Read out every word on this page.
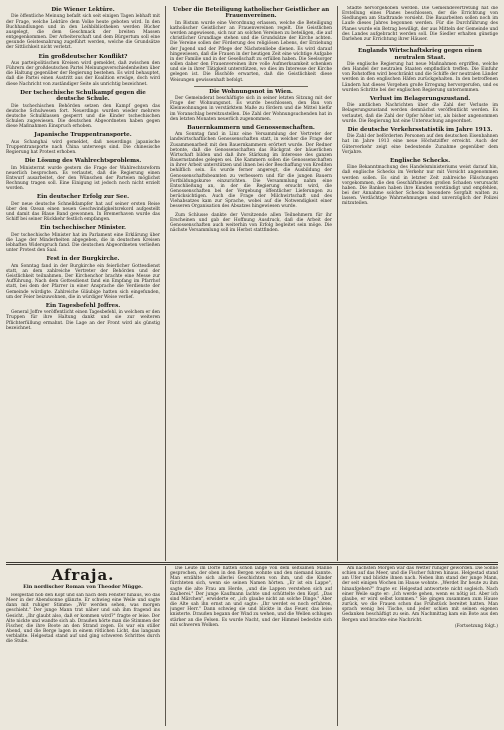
Die Wiener Lektüre.

Die öffentliche Meinung befaßt sich seit einigen Tagen lebhaft mit der Frage, welche Lektüre dem Volke heute geboten wird. In den Buchhandlungen und in den Leihbibliotheken werden Bücher ausgelegt, die dem Geschmack der breiten Massen entgegenkommen. Der Arbeiterschaft und dem Bürgertum soll eine gesunde Geistesnahrung zugeführt werden, welche die Grundsätze der Sittlichkeit nicht verletzt.

Ein großdeutscher Konflikt?

Aus parteipolitischen Kreisen wird gemeldet, daß zwischen den Führern der großdeutschen Partei Meinungsverschiedenheiten über die Haltung gegenüber der Regierung bestehen. Es wird behauptet, daß die Partei einen Austritt aus der Koalition erwäge, doch wird diese Nachricht von zuständiger Seite als unrichtig bezeichnet.

Der tschechische Schulkampf gegen die deutsche Schule.

Die tschechischen Behörden setzen den Kampf gegen das deutsche Schulwesen fort. Neuerdings wurden wieder mehrere deutsche Schulklassen gesperrt und die Kinder tschechischen Schulen zugewiesen. Die deutschen Abgeordneten haben gegen diese Maßnahmen Einspruch erhoben.

Japanische Truppentransporte.

Aus Schanghai wird gemeldet, daß neuerdings japanische Truppentransporte nach China unterwegs sind. Die chinesische Regierung hat Protest erhoben.

Die Lösung des Wahlrechtsproblems.

Im Ministerrat wurde gestern die Frage der Wahlrechtsreform neuerlich besprochen. Es verlautet, daß die Regierung einen Entwurf ausarbeitet, der den Wünschen der Parteien möglichst Rechnung tragen soll. Eine Einigung ist jedoch noch nicht erzielt worden.

Ein deutscher Erfolg zur See.

Der neue deutsche Schnelldampfer hat auf seiner ersten Reise über den Ozean einen neuen Geschwindigkeitsrekord aufgestellt und damit das Blaue Band gewonnen. In Bremerhaven wurde das Schiff bei seiner Rückkehr festlich empfangen.

Ein tschechischer Minister.

Der tschechische Minister hat im Parlament eine Erklärung über die Lage der Minderheiten abgegeben, die in deutschen Kreisen lebhaften Widerspruch fand. Die deutschen Abgeordneten verließen unter Protest den Saal.

Fest in der Burgkirche.

Am Sonntag fand in der Burgkirche ein feierlicher Gottesdienst statt, an dem zahlreiche Vertreter der Behörden und der Geistlichkeit teilnahmen. Der Kirchenchor brachte eine Messe zur Aufführung. Nach dem Gottesdienst fand ein Empfang im Pfarrhof statt, bei dem der Pfarrer in einer Ansprache die Verdienste der Gemeinde würdigte. Zahlreiche Gläubige hatten sich eingefunden, um der Feier beizuwohnen, die in würdiger Weise verlief.

Ein Tagesbefehl Joffres.

General Joffre veröffentlicht einen Tagesbefehl, in welchem er den Truppen für ihre Haltung dankt und sie zur weiteren Pflichterfüllung ermahnt. Die Lage an der Front wird als günstig bezeichnet.

Ueber die Beteiligung katholischer Geistlicher an Frauenvereinen.

Im Bistum wurde eine Verordnung erlassen, welche die Beteiligung katholischer Geistlicher an Frauenvereinen regelt. Die Geistlichen werden angewiesen, sich nur an solchen Vereinen zu beteiligen, die auf christlicher Grundlage stehen und die Grundsätze der Kirche achten. Die Vereine sollen der Förderung des religiösen Lebens, der Erziehung der Jugend und der Pflege der Nächstenliebe dienen. Es wird darauf hingewiesen, daß die Frauen in der heutigen Zeit eine wichtige Aufgabe in der Familie und in der Gesellschaft zu erfüllen haben. Die Seelsorger sollen daher den Frauenvereinen ihre volle Aufmerksamkeit schenken und sie in ihrer Tätigkeit unterstützen, wo dies im Interesse der Kirche gelegen ist. Die Bischöfe erwarten, daß die Geistlichkeit diese Weisungen gewissenhaft befolgt.

Die Wohnungsnot in Wien.

Der Gemeinderat beschäftigte sich in seiner letzten Sitzung mit der Frage der Wohnungsnot. Es wurde beschlossen, den Bau von Kleinwohnungen in verstärktem Maße zu fördern und die Mittel hiefür im Voranschlag bereitzustellen. Die Zahl der Wohnungsuchenden hat in den letzten Monaten neuerlich zugenommen.

Bauernkammern und Genossenschaften.

Am Sonntag fand in Linz eine Versammlung der Vertreter der landwirtschaftlichen Genossenschaften statt, in welcher die Frage der Zusammenarbeit mit den Bauernkammern erörtert wurde. Der Redner betonte, daß die Genossenschaften das Rückgrat der bäuerlichen Wirtschaft bilden und daß ihre Stärkung im Interesse des ganzen Bauernstandes gelegen sei. Die Kammern sollen die Genossenschaften in ihrer Arbeit unterstützen und ihnen bei der Beschaffung von Krediten behilflich sein. Es wurde ferner angeregt, die Ausbildung der Genossenschaftsbeamten zu verbessern und für die jungen Bauern Fortbildungskurse einzurichten. Die Versammlung nahm eine Entschließung an, in der die Regierung ersucht wird, die Genossenschaften bei der Vergebung öffentlicher Lieferungen zu berücksichtigen. Auch die Frage der Milchwirtschaft und des Viehabsatzes kam zur Sprache, wobei auf die Notwendigkeit einer besseren Organisation des Absatzes hingewiesen wurde.

Zum Schlusse dankte der Vorsitzende allen Teilnehmern für ihr Erscheinen und gab der Hoffnung Ausdruck, daß die Arbeit der Genossenschaften auch weiterhin von Erfolg begleitet sein möge. Die nächste Versammlung soll im Herbst stattfinden.

Städte hervorgehoben werden. Die Gemeindevertretung hat die Erstellung eines Planes beschlossen, der die Errichtung von Siedlungen am Stadtrande vorsieht. Die Bauarbeiten sollen noch im Laufe dieses Jahres begonnen werden. Für die Durchführung des Planes wurde ein Betrag bewilligt, der aus Mitteln der Gemeinde und des Landes aufgebracht werden soll. Die Siedler erhalten günstige Darlehen zur Errichtung ihrer Häuser.

Englands Wirtschaftskrieg gegen einen neutralen Staat.

Die englische Regierung hat neue Maßnahmen ergriffen, welche den Handel der neutralen Staaten empfindlich treffen. Die Einfuhr von Rohstoffen wird beschränkt und die Schiffe der neutralen Länder werden in den englischen Häfen zurückgehalten. In den betroffenen Ländern hat dieses Vorgehen große Erregung hervorgerufen, und es wurden Schritte bei der englischen Regierung unternommen.

Verlust im Belagerungszustand.

Die amtlichen Nachrichten über die Zahl der Verluste im Belagerungszustand werden demnächst veröffentlicht werden. Es verlautet, daß die Zahl der Opfer höher ist, als bisher angenommen wurde. Die Regierung hat eine Untersuchung angeordnet.

Die deutsche Verkehrsstatistik im Jahre 1913.

Die Zahl der beförderten Personen auf den deutschen Eisenbahnen hat im Jahre 1913 eine neue Höchstziffer erreicht. Auch der Güterverkehr zeigt eine bedeutende Zunahme gegenüber dem Vorjahre.

Englische Schecks.

Eine Bekanntmachung des Handelsministeriums weist darauf hin, daß englische Schecks im Verkehr nur mit Vorsicht angenommen werden sollen. Es sind in letzter Zeit zahlreiche Fälschungen vorgekommen, die den Geschäftsleuten großen Schaden verursacht haben. Die Banken haben ihre Kunden verständigt und empfehlen, bei der Annahme solcher Schecks besondere Sorgfalt walten zu lassen. Verdächtige Wahrnehmungen sind unverzüglich der Polizei mitzuteilen.

Afraja.
Ein nordischer Roman von Theodor Mügge.

Helgestad hob den Kopf und sah nach dem Fenster hinaus, wo das Meer in der Abendsonne glänzte. Er schwieg eine Weile und sagte dann mit ruhiger Stimme: „Wir werden sehen, was morgen geschieht." Der junge Mann trat näher und sah ihm fragend ins Gesicht. „Ihr glaubt also, daß er kommen wird?" fragte er leise. Der Alte nickte und wandte sich ab. Draußen hörte man die Stimmen der Fischer, die ihre Boote an den Strand zogen. Es war ein stiller Abend, und die Berge lagen in einem rötlichen Licht, das langsam verblaßte. Helgestad stand auf und ging schweren Schrittes durch die Stube.

Die Leute im Dorfe hatten schon lange von dem seltsamen Manne gesprochen, der oben in den Bergen wohnte und den niemand kannte. Man erzählte sich allerlei Geschichten von ihm, und die Kinder fürchteten sich, wenn sie seinen Namen hörten. „Er ist ein Lappe", sagte die alte Frau am Herde, „und die Lappen verstehen sich auf Zauberei." Der junge Kaufmann lachte und schüttelte den Kopf. „Das sind Märchen", erwiderte er, „ich glaube nicht an solche Dinge." Aber die Alte sah ihn ernst an und sagte: „Ihr werdet es noch erfahren, junger Herr." Dann schwieg sie und blickte in das Feuer, das leise knisterte. Draußen begann der Wind zu wehen, und die Wellen schlugen stärker an die Felsen. Es wurde Nacht, und der Himmel bedeckte sich mit schweren Wolken.

Am nächsten Morgen war das Wetter ruhiger geworden. Die Sonne schien auf das Meer, und die Fischer fuhren hinaus. Helgestad stand am Ufer und blickte ihnen nach. Neben ihm stand der junge Mann, der seit einigen Wochen im Hause wohnte. „Werdet Ihr heute zu ihm hinaufgehen?" fragte er. Helgestad antwortete nicht sogleich. Nach einer Weile sagte er: „Ich werde gehen, wenn es nötig ist. Aber ich glaube, er wird selbst kommen." Sie gingen zusammen zum Hause zurück, wo die Frauen schon das Frühstück bereitet hatten. Man sprach wenig bei Tische, und jeder schien mit seinen eigenen Gedanken beschäftigt zu sein. Am Nachmittag kam ein Bote aus den Bergen und brachte eine Nachricht.

(Fortsetzung folgt.)
